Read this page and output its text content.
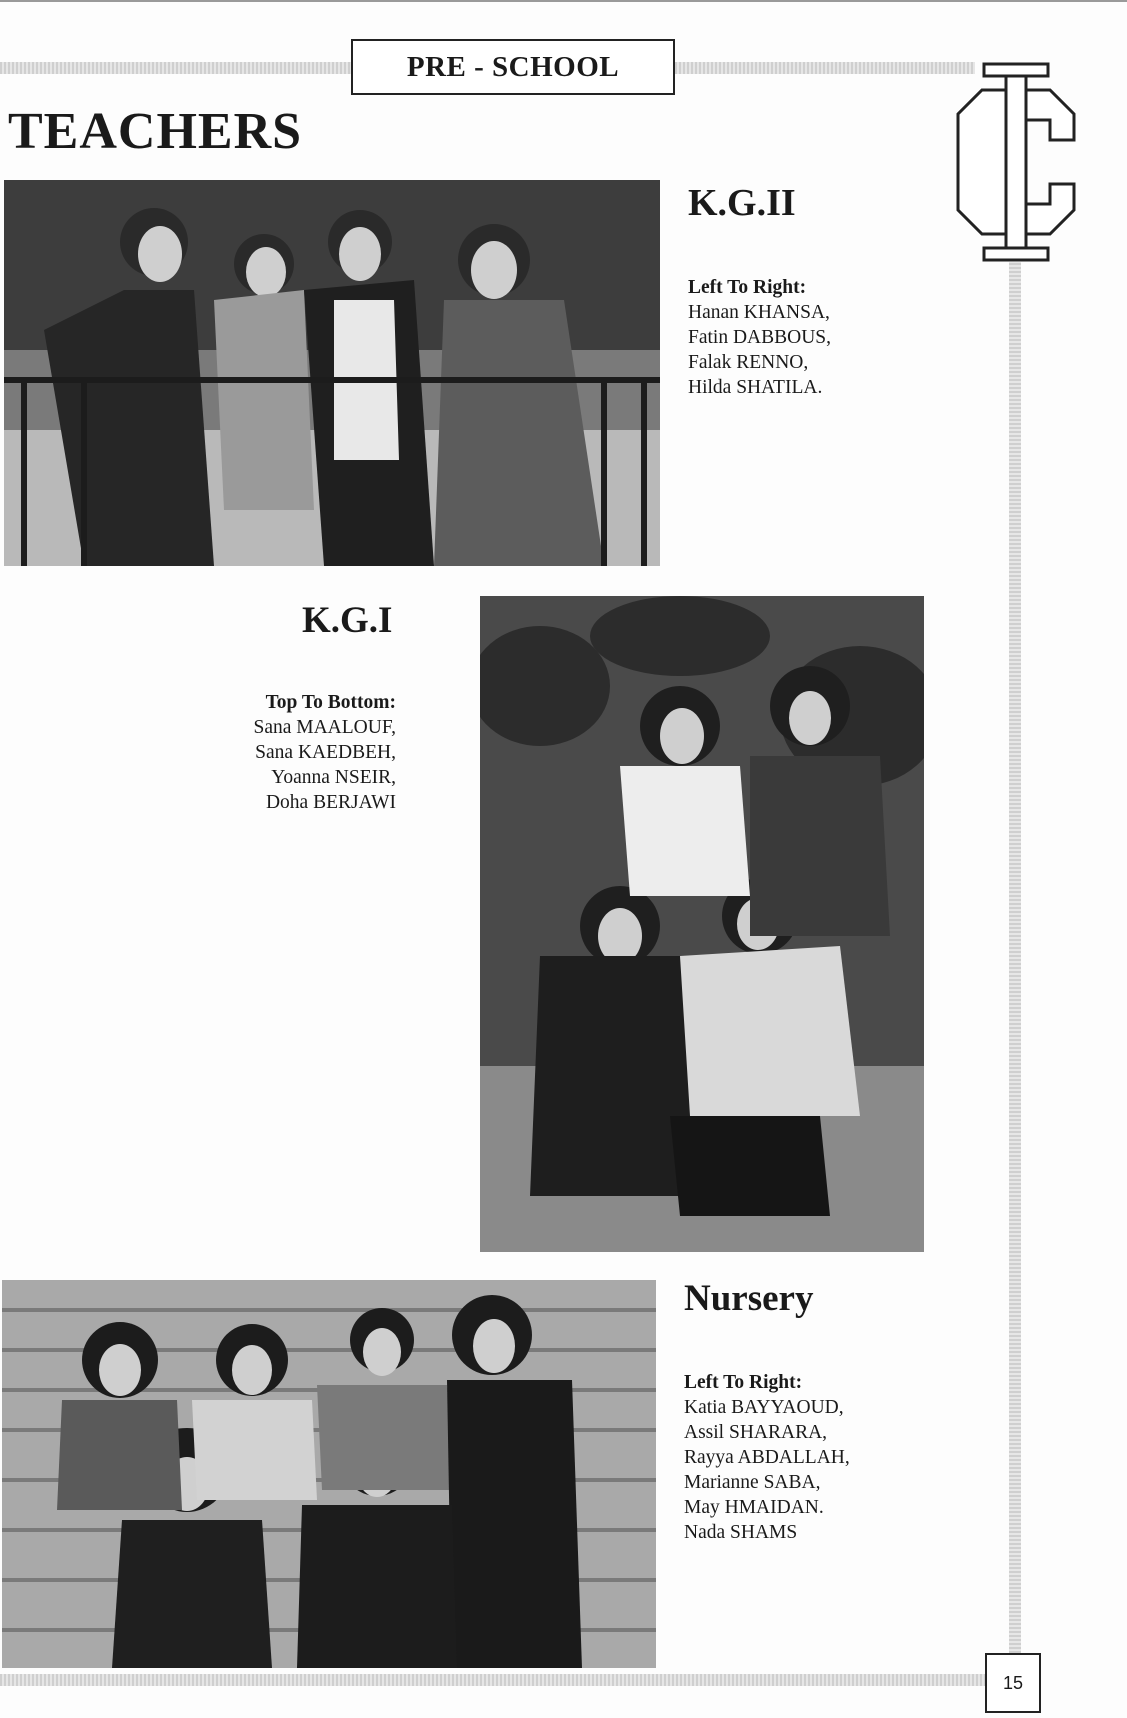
PRE - SCHOOL
TEACHERS
K.G.II
Left To Right:
Hanan KHANSA,
Fatin DABBOUS,
Falak RENNO,
Hilda SHATILA.
K.G.I
Top To Bottom:
Sana MAALOUF,
Sana KAEDBEH,
Yoanna NSEIR,
Doha BERJAWI
Nursery
Left To Right:
Katia BAYYAOUD,
Assil SHARARA,
Rayya ABDALLAH,
Marianne SABA,
May HMAIDAN.
Nada SHAMS
15
